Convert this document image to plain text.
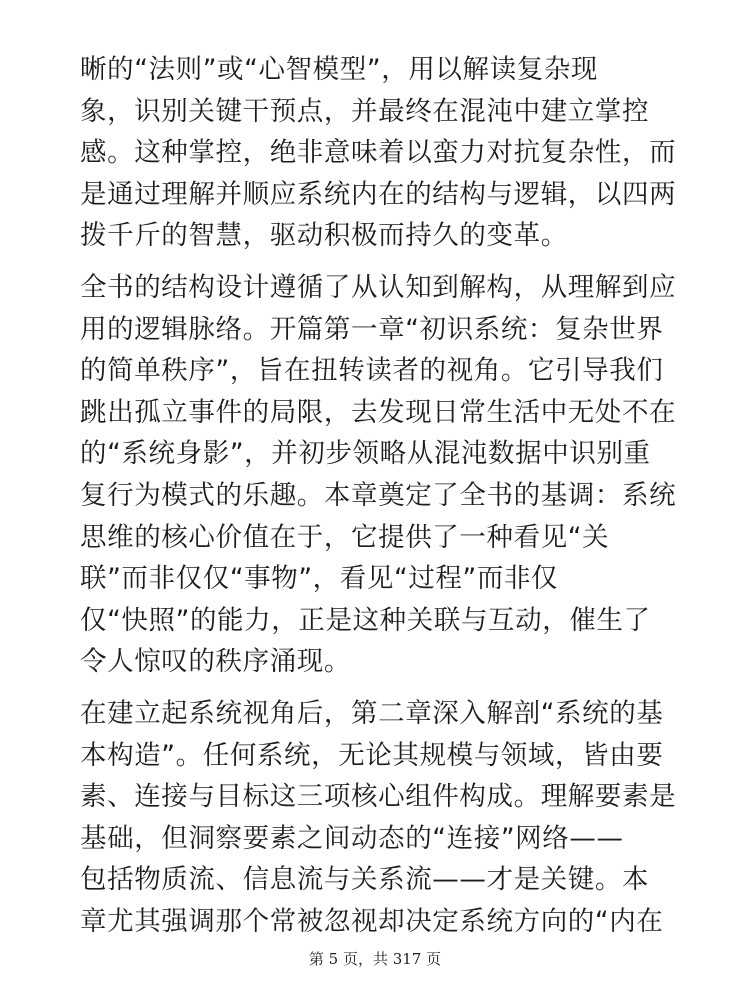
晰的“法则”或“心智模型”，用以解读复杂现
象，识别关键干预点，并最终在混沌中建立掌控
感。这种掌控，绝非意味着以蛮力对抗复杂性，而
是通过理解并顺应系统内在的结构与逻辑，以四两
拨千斤的智慧，驱动积极而持久的变革。
全书的结构设计遵循了从认知到解构，从理解到应
用的逻辑脉络。开篇第一章“初识系统：复杂世界
的简单秩序”，旨在扭转读者的视角。它引导我们
跳出孤立事件的局限，去发现日常生活中无处不在
的“系统身影”，并初步领略从混沌数据中识别重
复行为模式的乐趣。本章奠定了全书的基调：系统
思维的核心价值在于，它提供了一种看见“关
联”而非仅仅“事物”，看见“过程”而非仅
仅“快照”的能力，正是这种关联与互动，催生了
令人惊叹的秩序涌现。
在建立起系统视角后，第二章深入解剖“系统的基
本构造”。任何系统，无论其规模与领域，皆由要
素、连接与目标这三项核心组件构成。理解要素是
基础，但洞察要素之间动态的“连接”网络——
包括物质流、信息流与关系流——才是关键。本
章尤其强调那个常被忽视却决定系统方向的“内在
第 5 页，共 317 页
